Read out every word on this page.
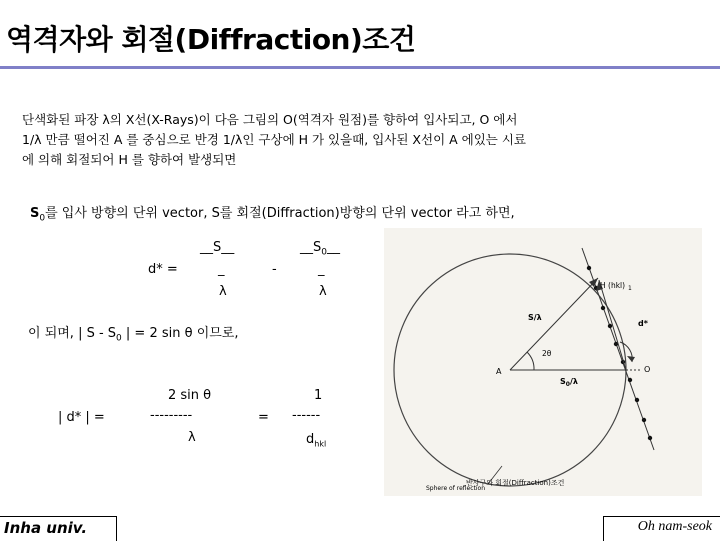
역격자와 회절(Diffraction)조건
단색화된 파장 λ의 X선(X-Rays)이 다음 그림의 O(역격자 원점)를 향하여 입사되고, O 에서
1/λ 만큼 떨어진 A 를 중심으로 반경 1/λ인 구상에 H 가 있을때, 입사된 X선이 A 에있는 시료
에 의해 회절되어 H 를 향하여 발생되면
$S_0$를 입사 방향의 단위 vector, S를 회절(Diffraction)방향의 단위 vector 라고 하면,
d* =
__S__

_
λ
-
$\_\_S_0\_\_$
_
λ
이 되며, | S - $S_0$ | = 2 sin θ 이므로,
| d* | =
2 sin θ
---------
λ
=
1
------
$d_{hkl}$
H (hkl) 1
S/λ
d*
2θ
A
$S_0/\lambda$
O
Sphere of reflection
반사구와 회절(Diffraction)조건
Inha univ.	Oh nam-seok
